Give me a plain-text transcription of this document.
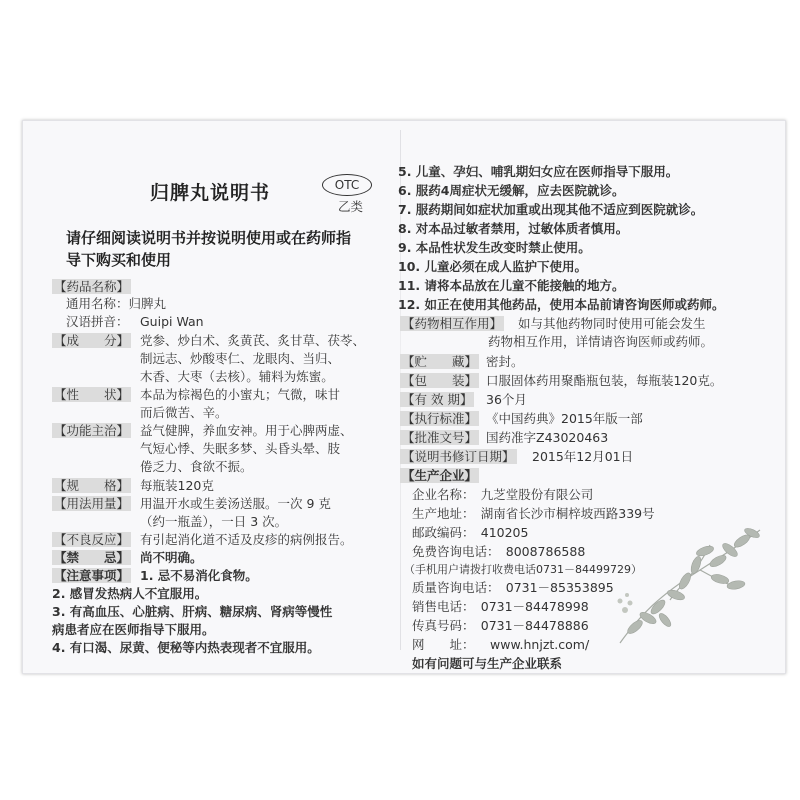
归脾丸说明书	OTC
乙类
请仔细阅读说明书并按说明使用或在药师指
导下购买和使用
【药品名称】
通用名称：归脾丸
汉语拼音： Guipi Wan
【成　　分】 党参、炒白术、炙黄芪、炙甘草、茯苓、
制远志、炒酸枣仁、龙眼肉、当归、
木香、大枣（去核）。辅料为炼蜜。
【性　　状】 本品为棕褐色的小蜜丸；气微，味甘
而后微苦、辛。
【功能主治】 益气健脾，养血安神。用于心脾两虚、
气短心悸、失眠多梦、头昏头晕、肢
倦乏力、食欲不振。
【规　　格】 每瓶装120克
【用法用量】 用温开水或生姜汤送服。一次 9 克
（约一瓶盖），一日 3 次。
【不良反应】 有引起消化道不适及皮疹的病例报告。
【禁　　忌】 尚不明确。
【注意事项】 1. 忌不易消化食物。
2. 感冒发热病人不宜服用。
3. 有高血压、心脏病、肝病、糖尿病、肾病等慢性
病患者应在医师指导下服用。
4. 有口渴、尿黄、便秘等内热表现者不宜服用。
5. 儿童、孕妇、哺乳期妇女应在医师指导下服用。
6. 服药4周症状无缓解，应去医院就诊。
7. 服药期间如症状加重或出现其他不适应到医院就诊。
8. 对本品过敏者禁用，过敏体质者慎用。
9. 本品性状发生改变时禁止使用。
10. 儿童必须在成人监护下使用。
11. 请将本品放在儿童不能接触的地方。
12. 如正在使用其他药品，使用本品前请咨询医师或药师。
【药物相互作用】 如与其他药物同时使用可能会发生
药物相互作用，详情请咨询医师或药师。
【贮　　藏】 密封。
【包　　装】 口服固体药用聚酯瓶包装，每瓶装120克。
【有 效 期】 36个月
【执行标准】 《中国药典》2015年版一部
【批准文号】 国药准字Z43020463
【说明书修订日期】 2015年12月01日
【生产企业】
企业名称：　九芝堂股份有限公司
生产地址：　湖南省长沙市桐梓坡西路339号
邮政编码：　410205
免费咨询电话：　8008786588
（手机用户请拨打收费电话0731－84499729）
质量咨询电话：　0731－85353895
销售电话：　0731－84478998
传真号码：　0731－84478886
网　　址： www.hnjzt.com/
如有问题可与生产企业联系
